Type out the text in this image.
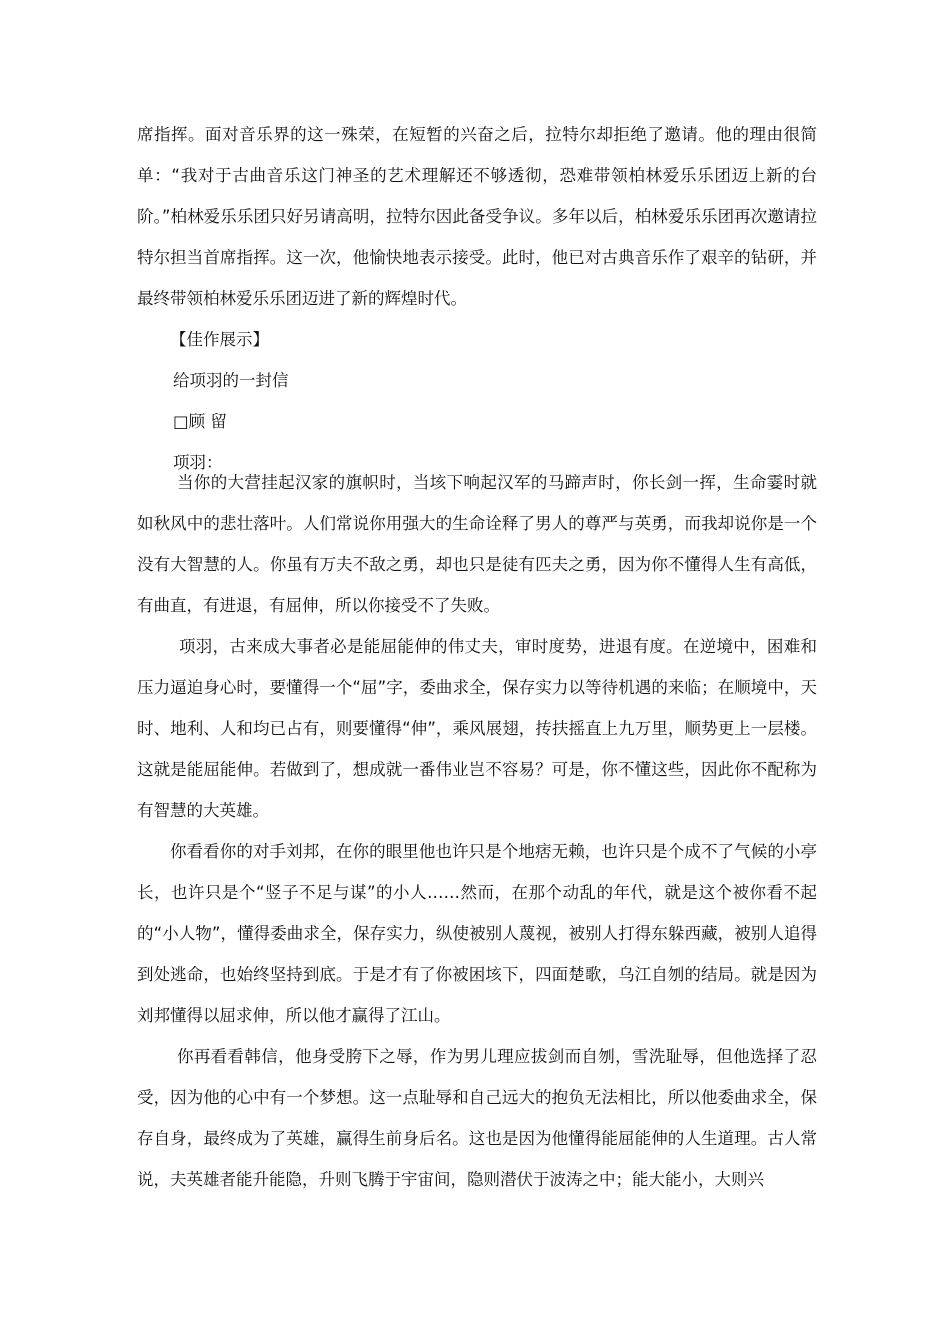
席指挥。面对音乐界的这一殊荣，在短暂的兴奋之后，拉特尔却拒绝了邀请。他的理由很简单：“我对于古曲音乐这门神圣的艺术理解还不够透彻，恐难带领柏林爱乐乐团迈上新的台阶。”柏林爱乐乐团只好另请高明，拉特尔因此备受争议。多年以后，柏林爱乐乐团再次邀请拉特尔担当首席指挥。这一次，他愉快地表示接受。此时，他已对古典音乐作了艰辛的钻研，并最终带领柏林爱乐乐团迈进了新的辉煌时代。

【佳作展示】

给项羽的一封信

□顾 留

项羽：

当你的大营挂起汉家的旗帜时，当垓下响起汉军的马蹄声时，你长剑一挥，生命霎时就如秋风中的悲壮落叶。人们常说你用强大的生命诠释了男人的尊严与英勇，而我却说你是一个没有大智慧的人。你虽有万夫不敌之勇，却也只是徒有匹夫之勇，因为你不懂得人生有高低，有曲直，有进退，有屈伸，所以你接受不了失败。

项羽，古来成大事者必是能屈能伸的伟丈夫，审时度势，进退有度。在逆境中，困难和压力逼迫身心时，要懂得一个“屈”字，委曲求全，保存实力以等待机遇的来临；在顺境中，天时、地利、人和均已占有，则要懂得“伸”，乘风展翅，抟扶摇直上九万里，顺势更上一层楼。这就是能屈能伸。若做到了，想成就一番伟业岂不容易？可是，你不懂这些，因此你不配称为有智慧的大英雄。

你看看你的对手刘邦，在你的眼里他也许只是个地痞无赖，也许只是个成不了气候的小亭长，也许只是个“竖子不足与谋”的小人……然而，在那个动乱的年代，就是这个被你看不起的“小人物”，懂得委曲求全，保存实力，纵使被别人蔑视，被别人打得东躲西藏，被别人追得到处逃命，也始终坚持到底。于是才有了你被困垓下，四面楚歌，乌江自刎的结局。就是因为刘邦懂得以屈求伸，所以他才赢得了江山。

你再看看韩信，他身受胯下之辱，作为男儿理应拔剑而自刎，雪洗耻辱，但他选择了忍受，因为他的心中有一个梦想。这一点耻辱和自己远大的抱负无法相比，所以他委曲求全，保存自身，最终成为了英雄，赢得生前身后名。这也是因为他懂得能屈能伸的人生道理。古人常说，夫英雄者能升能隐，升则飞腾于宇宙间，隐则潜伏于波涛之中；能大能小，大则兴
